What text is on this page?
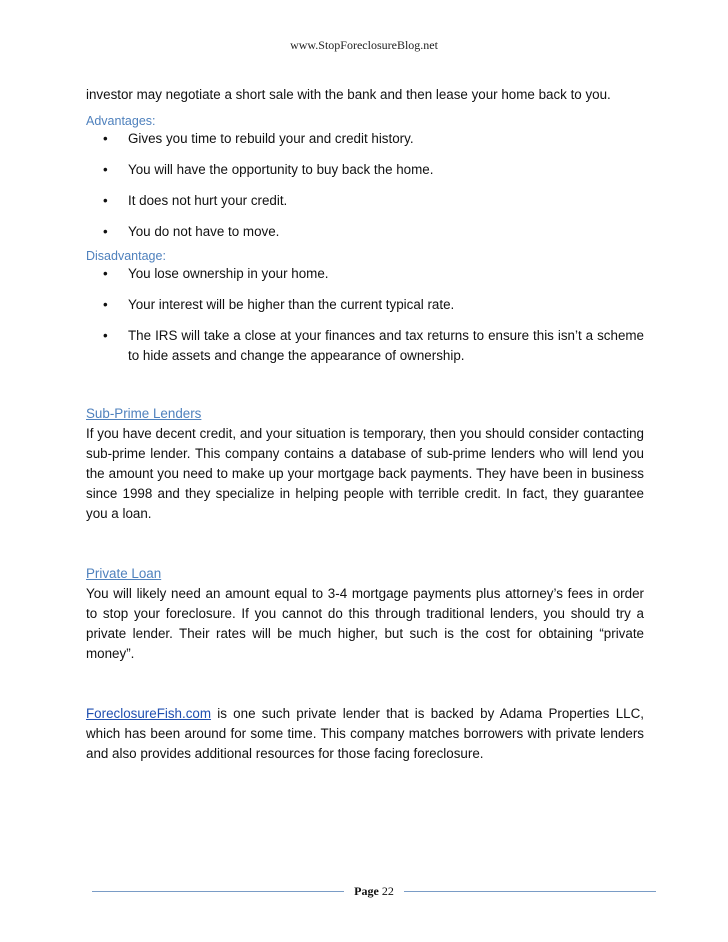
www.StopForeclosureBlog.net

investor may negotiate a short sale with the bank and then lease your home back to you.

Advantages:
• Gives you time to rebuild your and credit history.
• You will have the opportunity to buy back the home.
• It does not hurt your credit.
• You do not have to move.
Disadvantage:
• You lose ownership in your home.
• Your interest will be higher than the current typical rate.
• The IRS will take a close at your finances and tax returns to ensure this isn’t a scheme to hide assets and change the appearance of ownership.

Sub-Prime Lenders

If you have decent credit, and your situation is temporary, then you should consider contacting sub-prime lender. This company contains a database of sub-prime lenders who will lend you the amount you need to make up your mortgage back payments. They have been in business since 1998 and they specialize in helping people with terrible credit. In fact, they guarantee you a loan.

Private Loan

You will likely need an amount equal to 3-4 mortgage payments plus attorney’s fees in order to stop your foreclosure. If you cannot do this through traditional lenders, you should try a private lender. Their rates will be much higher, but such is the cost for obtaining “private money”.

ForeclosureFish.com is one such private lender that is backed by Adama Properties LLC, which has been around for some time. This company matches borrowers with private lenders and also provides additional resources for those facing foreclosure.

Page 22
